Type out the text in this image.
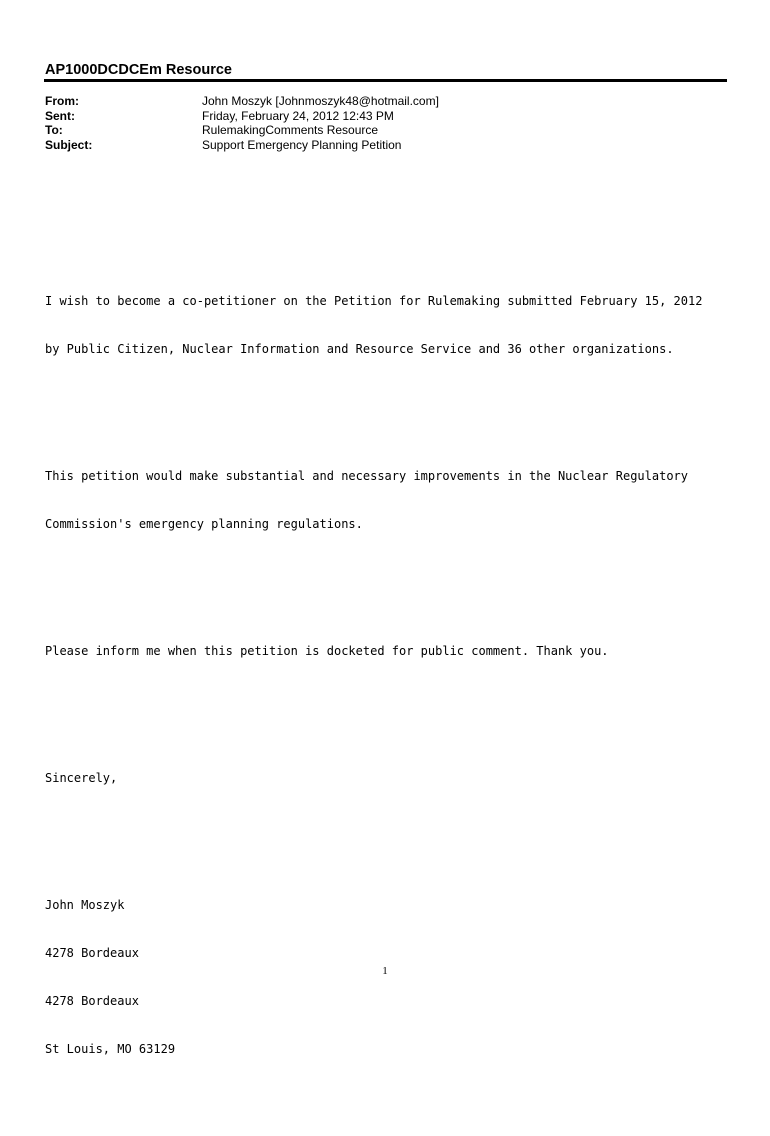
AP1000DCDCEm Resource
From:	John Moszyk [Johnmoszyk48@hotmail.com]
Sent:	Friday, February 24, 2012 12:43 PM
To:	RulemakingComments Resource
Subject:	Support Emergency Planning Petition

I wish to become a co-petitioner on the Petition for Rulemaking submitted February 15, 2012

by Public Citizen, Nuclear Information and Resource Service and 36 other organizations.

This petition would make substantial and necessary improvements in the Nuclear Regulatory

Commission's emergency planning regulations.

Please inform me when this petition is docketed for public comment. Thank you.

Sincerely,

John Moszyk

4278 Bordeaux

4278 Bordeaux

St Louis, MO 63129

1
